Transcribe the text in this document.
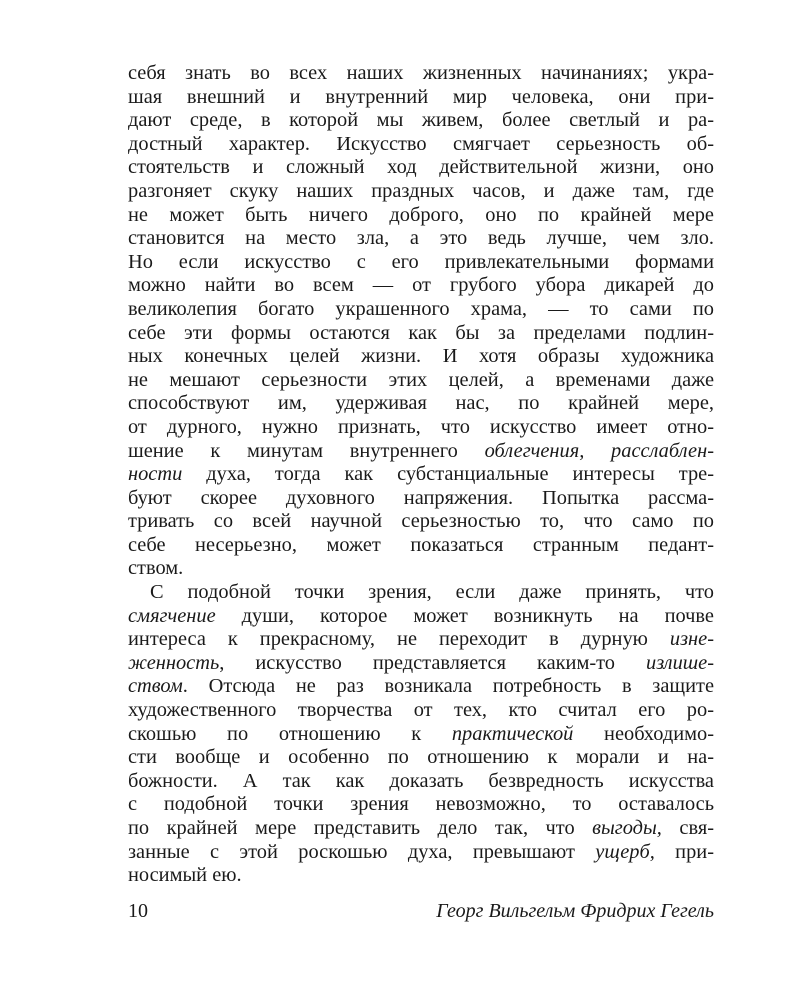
себя знать во всех наших жизненных начинаниях; укра-
шая внешний и внутренний мир человека, они при-
дают среде, в которой мы живем, более светлый и ра-
достный характер. Искусство смягчает серьезность об-
стоятельств и сложный ход действительной жизни, оно
разгоняет скуку наших праздных часов, и даже там, где
не может быть ничего доброго, оно по крайней мере
становится на место зла, а это ведь лучше, чем зло.
Но если искусство с его привлекательными формами
можно найти во всем — от грубого убора дикарей до
великолепия богато украшенного храма, — то сами по
себе эти формы остаются как бы за пределами подлин-
ных конечных целей жизни. И хотя образы художника
не мешают серьезности этих целей, а временами даже
способствуют им, удерживая нас, по крайней мере,
от дурного, нужно признать, что искусство имеет отно-
шение к минутам внутреннего облегчения, расслаблен-
ности духа, тогда как субстанциальные интересы тре-
буют скорее духовного напряжения. Попытка рассма-
тривать со всей научной серьезностью то, что само по
себе несерьезно, может показаться странным педант-
ством.
С подобной точки зрения, если даже принять, что
смягчение души, которое может возникнуть на почве
интереса к прекрасному, не переходит в дурную изне-
женность, искусство представляется каким-то излише-
ством. Отсюда не раз возникала потребность в защите
художественного творчества от тех, кто считал его ро-
скошью по отношению к практической необходимо-
сти вообще и особенно по отношению к морали и на-
божности. А так как доказать безвредность искусства
с подобной точки зрения невозможно, то оставалось
по крайней мере представить дело так, что выгоды, свя-
занные с этой роскошью духа, превышают ущерб, при-
носимый ею.
10	Георг Вильгельм Фридрих Гегель
